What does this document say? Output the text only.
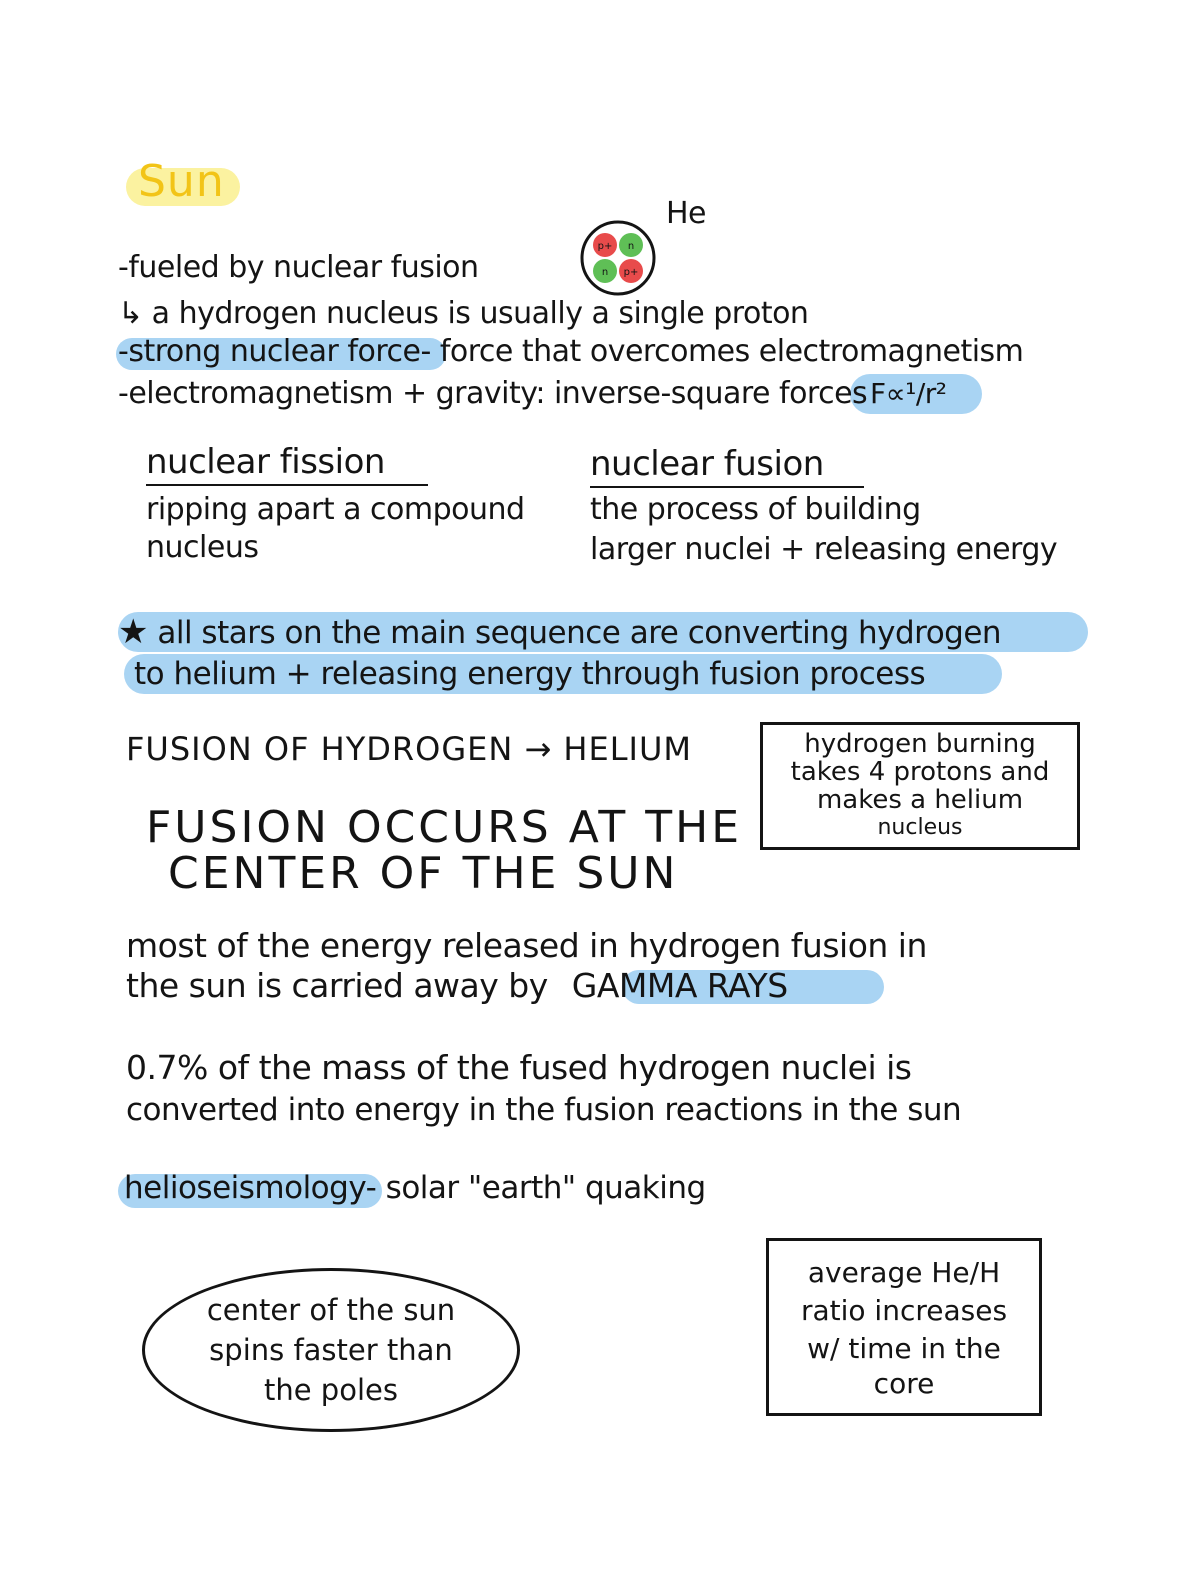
Sun
p+ n
n p+
He
-fueled by nuclear fusion
↳ a hydrogen nucleus is usually a single proton
-strong nuclear force- force that overcomes electromagnetism
-electromagnetism + gravity: inverse-square forces F∝¹/r²
nuclear fission
ripping apart a compound
nucleus
nuclear fusion
the process of building
larger nuclei + releasing energy
★ all stars on the main sequence are converting hydrogen
to helium + releasing energy through fusion process
FUSION OF HYDROGEN → HELIUM	hydrogen burning
takes 4 protons and
makes a helium
nucleus
FUSION OCCURS AT THE
CENTER OF THE SUN
most of the energy released in hydrogen fusion in
the sun is carried away by GAMMA RAYS
0.7% of the mass of the fused hydrogen nuclei is
converted into energy in the fusion reactions in the sun
helioseismology- solar "earth" quaking
center of the sun
spins faster than
the poles
average He/H
ratio increases
w/ time in the
core
